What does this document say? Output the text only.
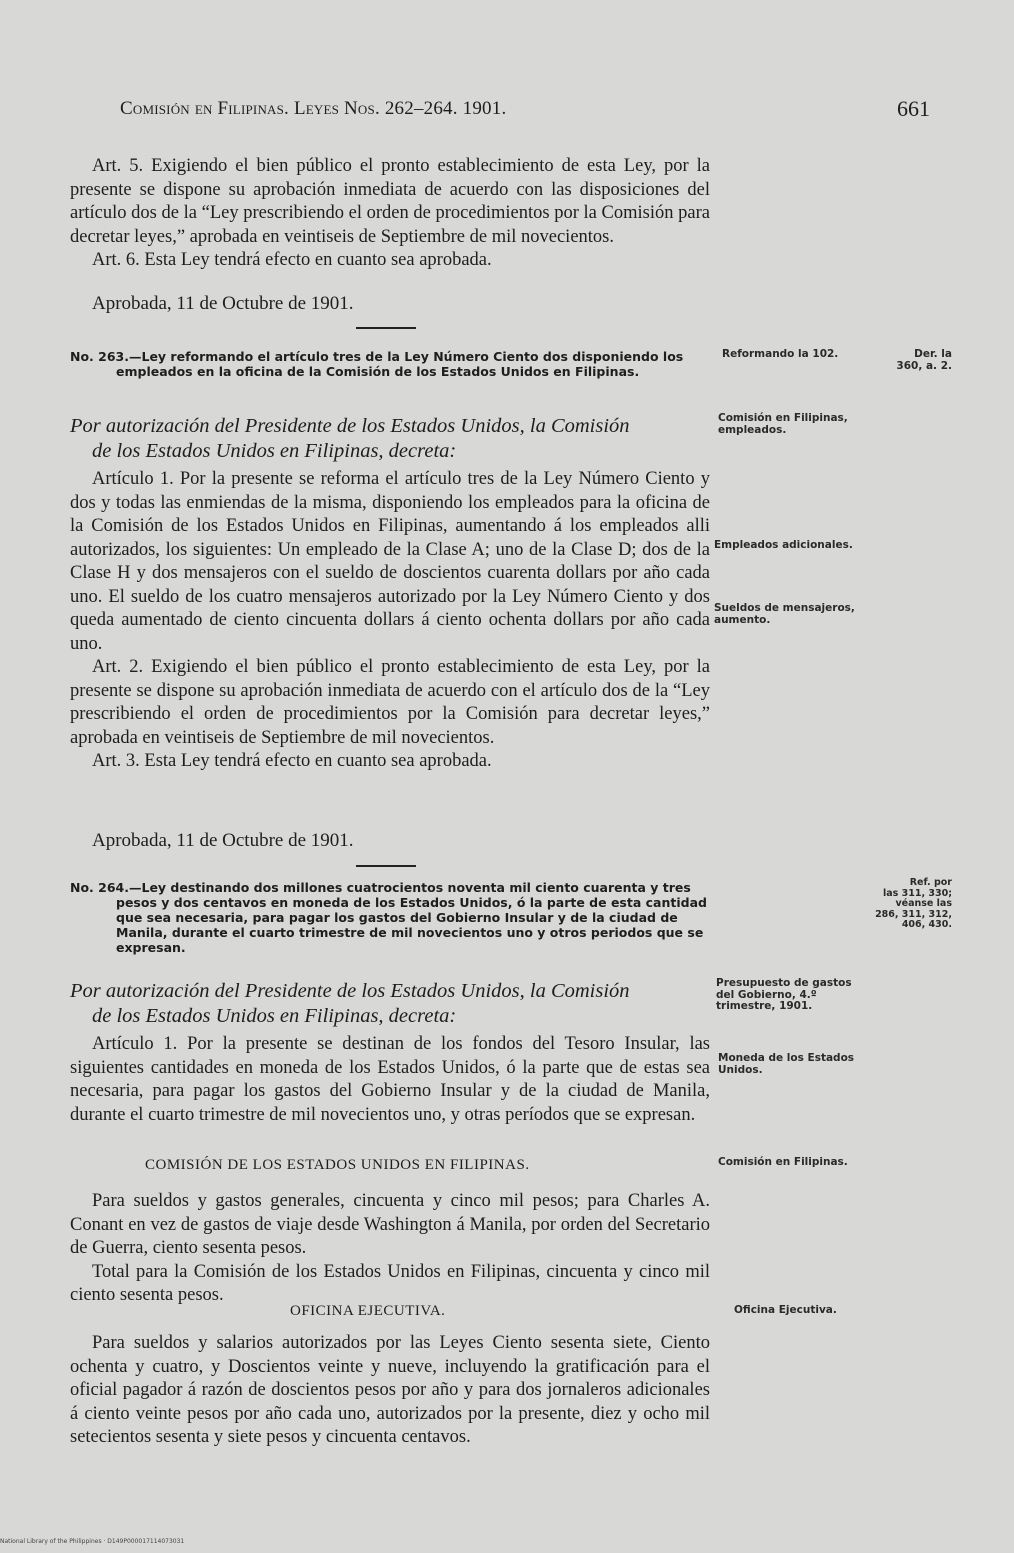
Comisión en Filipinas. Leyes Nos. 262–264. 1901.	661

Art. 5. Exigiendo el bien público el pronto establecimiento de esta Ley, por la presente se dispone su aprobación inmediata de acuerdo con las disposiciones del artículo dos de la “Ley prescribiendo el orden de procedimientos por la Comisión para decretar leyes,” aprobada en veintiseis de Septiembre de mil novecientos.

Art. 6. Esta Ley tendrá efecto en cuanto sea aprobada.

Aprobada, 11 de Octubre de 1901.
No. 263.—Ley reformando el artículo tres de la Ley Número Ciento dos disponiendo los empleados en la oficina de la Comisión de los Estados Unidos en Filipinas.
Reformando la 102.	Der. la
360, a. 2.
Por autorización del Presidente de los Estados Unidos, la Comisión
de los Estados Unidos en Filipinas, decreta:
Comisión en Filipinas, empleados.

Artículo 1. Por la presente se reforma el artículo tres de la Ley Número Ciento y dos y todas las enmiendas de la misma, disponiendo los empleados para la oficina de la Comisión de los Estados Unidos en Filipinas, aumentando á los empleados alli autorizados, los siguientes: Un empleado de la Clase A; uno de la Clase D; dos de la Clase H y dos mensajeros con el sueldo de doscientos cuarenta dollars por año cada uno. El sueldo de los cuatro mensajeros autorizado por la Ley Número Ciento y dos queda aumentado de ciento cincuenta dollars á ciento ochenta dollars por año cada uno.

Art. 2. Exigiendo el bien público el pronto establecimiento de esta Ley, por la presente se dispone su aprobación inmediata de acuerdo con el artículo dos de la “Ley prescribiendo el orden de procedimientos por la Comisión para decretar leyes,” aprobada en veintiseis de Septiembre de mil novecientos.

Art. 3. Esta Ley tendrá efecto en cuanto sea aprobada.

Empleados adicionales.
Sueldos de mensajeros, aumento.
Aprobada, 11 de Octubre de 1901.
No. 264.—Ley destinando dos millones cuatrocientos noventa mil ciento cuarenta y tres pesos y dos centavos en moneda de los Estados Unidos, ó la parte de esta cantidad que sea necesaria, para pagar los gastos del Gobierno Insular y de la ciudad de Manila, durante el cuarto trimestre de mil novecientos uno y otros periodos que se expresan.
Ref. por
las 311, 330;
véanse las
286, 311, 312,
406, 430.
Por autorización del Presidente de los Estados Unidos, la Comisión
de los Estados Unidos en Filipinas, decreta:
Presupuesto de gastos del Gobierno, 4.º trimestre, 1901.

Artículo 1. Por la presente se destinan de los fondos del Tesoro Insular, las siguientes cantidades en moneda de los Estados Unidos, ó la parte que de estas sea necesaria, para pagar los gastos del Gobierno Insular y de la ciudad de Manila, durante el cuarto trimestre de mil novecientos uno, y otras períodos que se expresan.

Moneda de los Estados Unidos.
COMISIÓN DE LOS ESTADOS UNIDOS EN FILIPINAS.	Comisión en Filipinas.

Para sueldos y gastos generales, cincuenta y cinco mil pesos; para Charles A. Conant en vez de gastos de viaje desde Washington á Manila, por orden del Secretario de Guerra, ciento sesenta pesos.

Total para la Comisión de los Estados Unidos en Filipinas, cincuenta y cinco mil ciento sesenta pesos.

OFICINA EJECUTIVA.	Oficina Ejecutiva.

Para sueldos y salarios autorizados por las Leyes Ciento sesenta siete, Ciento ochenta y cuatro, y Doscientos veinte y nueve, incluyendo la gratificación para el oficial pagador á razón de doscientos pesos por año y para dos jornaleros adicionales á ciento veinte pesos por año cada uno, autorizados por la presente, diez y ocho mil setecientos sesenta y siete pesos y cincuenta centavos.

National Library of the Philippines · D149P000017114073031
